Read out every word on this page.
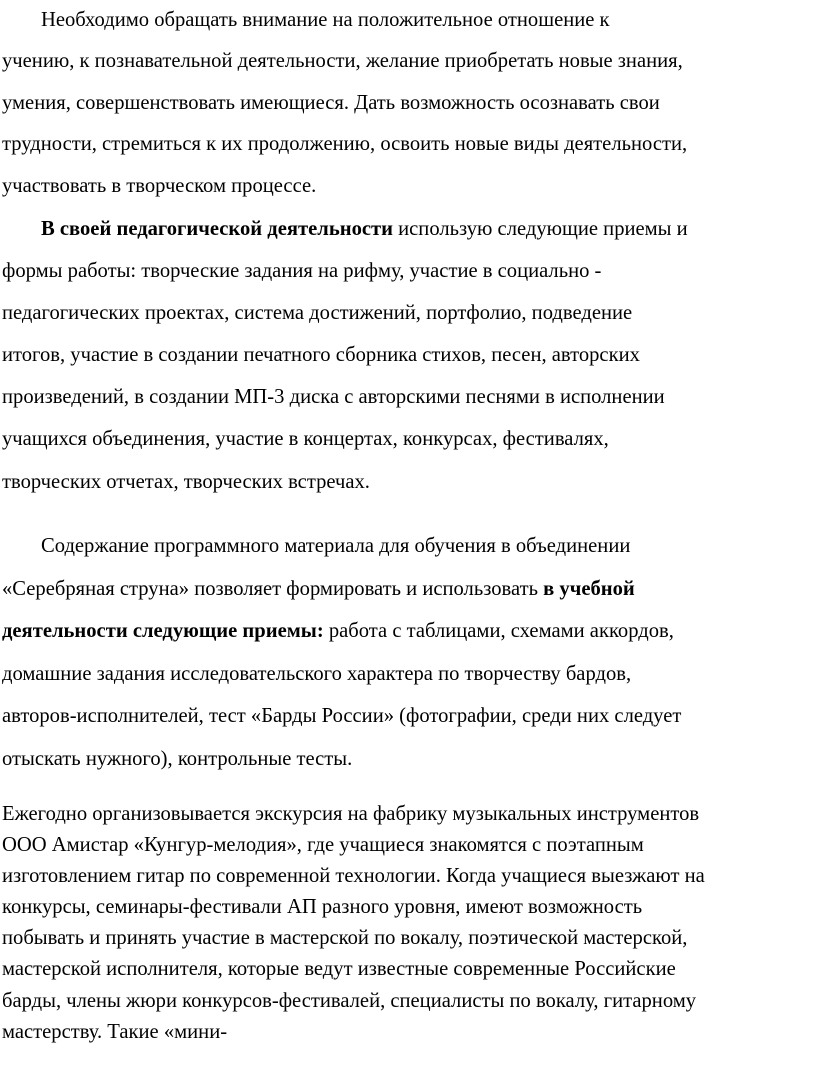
Необходимо обращать внимание на положительное отношение к
учению, к познавательной деятельности, желание приобретать новые знания,
умения, совершенствовать имеющиеся. Дать возможность осознавать свои
трудности, стремиться к их продолжению, освоить новые виды деятельности,
участвовать в творческом процессе.

В своей педагогической деятельности использую следующие приемы и
формы работы: творческие задания на рифму, участие в социально -
педагогических проектах, система достижений, портфолио, подведение
итогов, участие в создании печатного сборника стихов, песен, авторских
произведений, в создании МП-3 диска с авторскими песнями в исполнении
учащихся объединения, участие в концертах, конкурсах, фестивалях,
творческих отчетах, творческих встречах.

Содержание программного материала для обучения в объединении
«Серебряная струна» позволяет формировать и использовать в учебной
деятельности следующие приемы: работа с таблицами, схемами аккордов,
домашние задания исследовательского характера по творчеству бардов,
авторов-исполнителей, тест «Барды России» (фотографии, среди них следует
отыскать нужного), контрольные тесты.

Ежегодно организовывается экскурсия на фабрику музыкальных инструментов
ООО Амистар «Кунгур-мелодия», где учащиеся знакомятся с поэтапным
изготовлением гитар по современной технологии. Когда учащиеся выезжают на
конкурсы, семинары-фестивали АП разного уровня, имеют возможность
побывать и принять участие в мастерской по вокалу, поэтической мастерской,
мастерской исполнителя, которые ведут известные современные Российские
барды, члены жюри конкурсов-фестивалей, специалисты по вокалу, гитарному
мастерству. Такие «мини-
